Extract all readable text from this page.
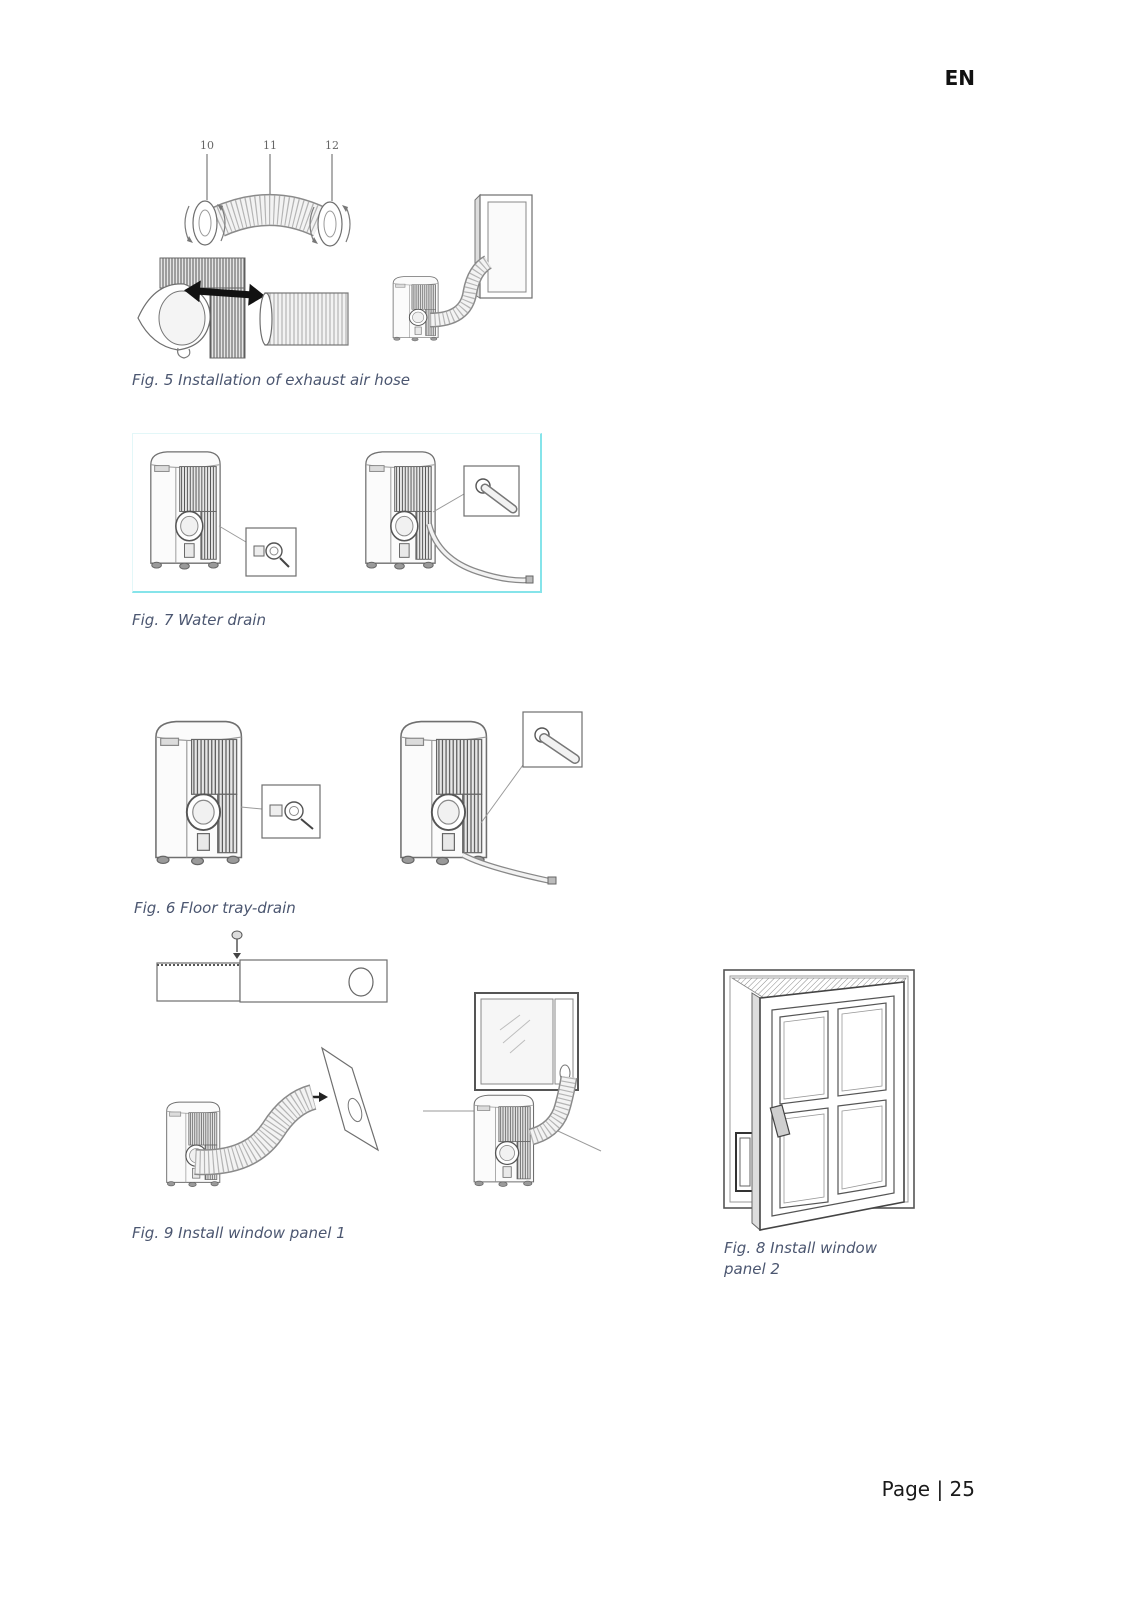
EN
10	11	12
Fig. 5 Installation of exhaust air hose
Fig. 7 Water drain
Fig. 6 Floor tray-drain
Fig. 9 Install window panel 1
Fig. 8 Install window panel 2
Page | 25
